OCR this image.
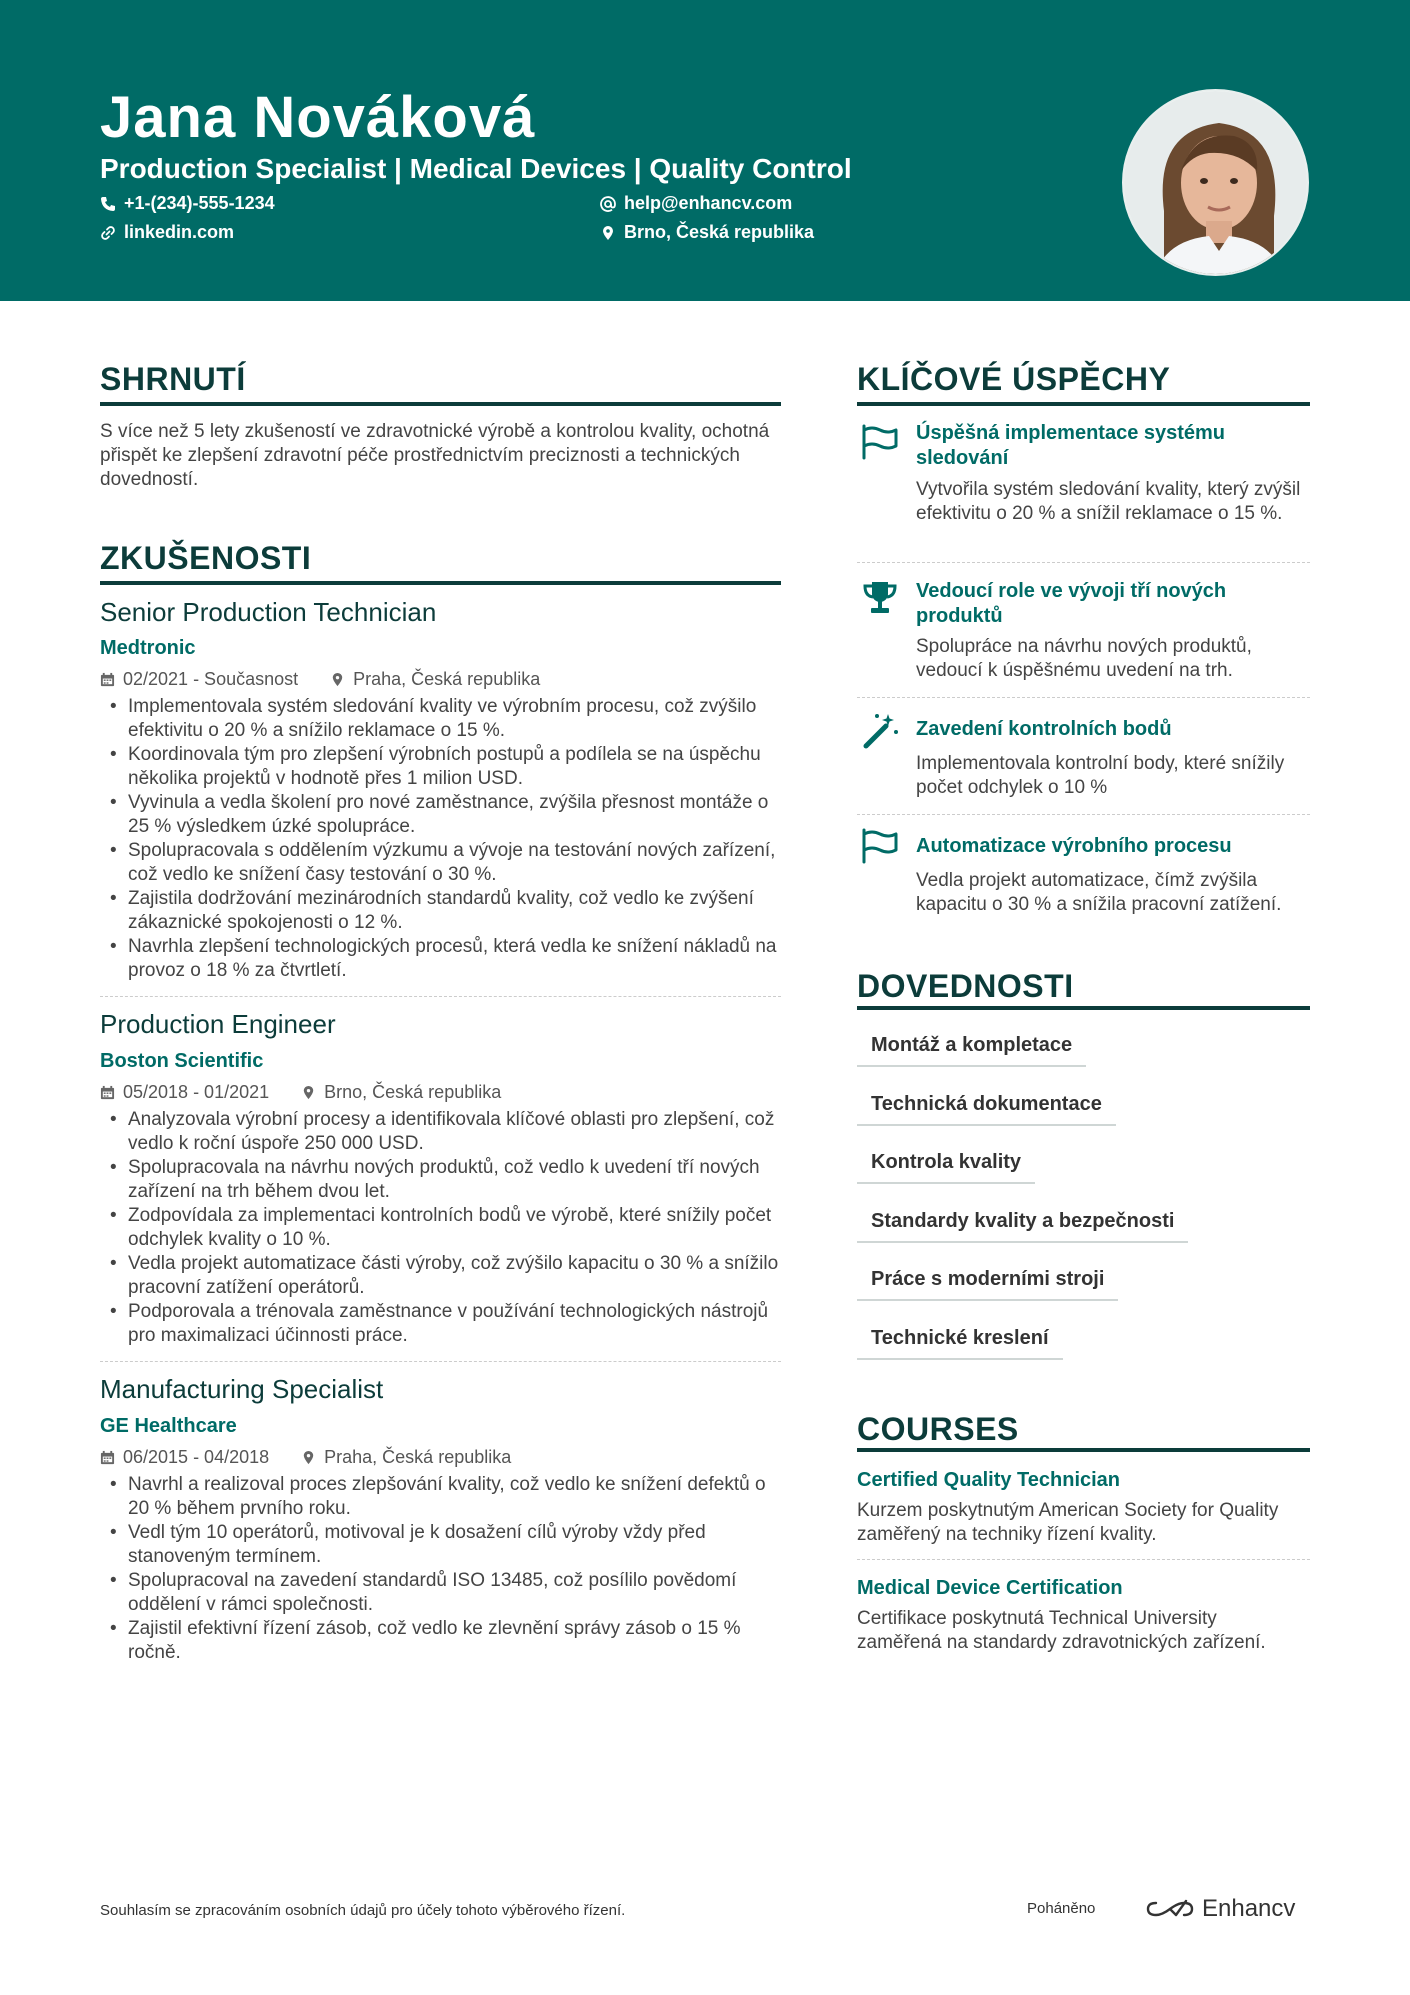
Jana Nováková
Production Specialist | Medical Devices | Quality Control
+1-(234)-555-1234
linkedin.com
help@enhancv.com
Brno, Česká republika
SHRNUTÍ
S více než 5 lety zkušeností ve zdravotnické výrobě a kontrolou kvality, ochotná přispět ke zlepšení zdravotní péče prostřednictvím preciznosti a technických dovedností.
ZKUŠENOSTI
Senior Production Technician
Medtronic
02/2021 - Současnost	Praha, Česká republika
• Implementovala systém sledování kvality ve výrobním procesu, což zvýšilo efektivitu o 20 % a snížilo reklamace o 15 %.
• Koordinovala tým pro zlepšení výrobních postupů a podílela se na úspěchu několika projektů v hodnotě přes 1 milion USD.
• Vyvinula a vedla školení pro nové zaměstnance, zvýšila přesnost montáže o 25 % výsledkem úzké spolupráce.
• Spolupracovala s oddělením výzkumu a vývoje na testování nových zařízení, což vedlo ke snížení časy testování o 30 %.
• Zajistila dodržování mezinárodních standardů kvality, což vedlo ke zvýšení zákaznické spokojenosti o 12 %.
• Navrhla zlepšení technologických procesů, která vedla ke snížení nákladů na provoz o 18 % za čtvrtletí.
Production Engineer
Boston Scientific
05/2018 - 01/2021	Brno, Česká republika
• Analyzovala výrobní procesy a identifikovala klíčové oblasti pro zlepšení, což vedlo k roční úspoře 250 000 USD.
• Spolupracovala na návrhu nových produktů, což vedlo k uvedení tří nových zařízení na trh během dvou let.
• Zodpovídala za implementaci kontrolních bodů ve výrobě, které snížily počet odchylek kvality o 10 %.
• Vedla projekt automatizace části výroby, což zvýšilo kapacitu o 30 % a snížilo pracovní zatížení operátorů.
• Podporovala a trénovala zaměstnance v používání technologických nástrojů pro maximalizaci účinnosti práce.
Manufacturing Specialist
GE Healthcare
06/2015 - 04/2018	Praha, Česká republika
• Navrhl a realizoval proces zlepšování kvality, což vedlo ke snížení defektů o 20 % během prvního roku.
• Vedl tým 10 operátorů, motivoval je k dosažení cílů výroby vždy před stanoveným termínem.
• Spolupracoval na zavedení standardů ISO 13485, což posílilo povědomí oddělení v rámci společnosti.
• Zajistil efektivní řízení zásob, což vedlo ke zlevnění správy zásob o 15 % ročně.
KLÍČOVÉ ÚSPĚCHY
Úspěšná implementace systému sledování
Vytvořila systém sledování kvality, který zvýšil efektivitu o 20 % a snížil reklamace o 15 %.
Vedoucí role ve vývoji tří nových produktů
Spolupráce na návrhu nových produktů, vedoucí k úspěšnému uvedení na trh.
Zavedení kontrolních bodů
Implementovala kontrolní body, které snížily počet odchylek o 10 %
Automatizace výrobního procesu
Vedla projekt automatizace, čímž zvýšila kapacitu o 30 % a snížila pracovní zatížení.
DOVEDNOSTI
Montáž a kompletace
Technická dokumentace
Kontrola kvality
Standardy kvality a bezpečnosti
Práce s moderními stroji
Technické kreslení
COURSES
Certified Quality Technician
Kurzem poskytnutým American Society for Quality zaměřený na techniky řízení kvality.
Medical Device Certification
Certifikace poskytnutá Technical University zaměřená na standardy zdravotnických zařízení.
Souhlasím se zpracováním osobních údajů pro účely tohoto výběrového řízení.	Poháněno	Enhancv
